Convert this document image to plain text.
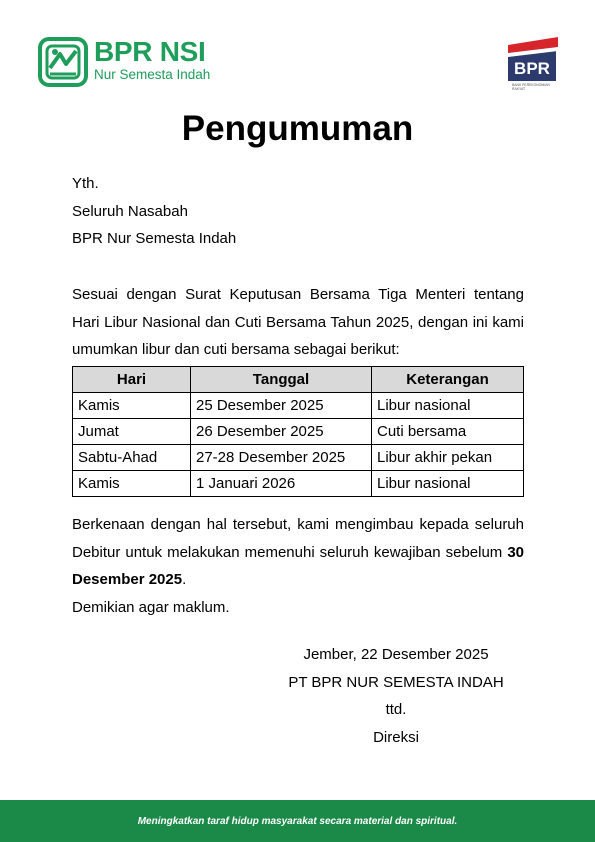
BPR NSI
Nur Semesta Indah	BPR
BANK PEREKONOMIAN RAKYAT
Pengumuman
Yth.
Seluruh Nasabah
BPR Nur Semesta Indah
Sesuai dengan Surat Keputusan Bersama Tiga Menteri tentang Hari Libur Nasional dan Cuti Bersama Tahun 2025, dengan ini kami umumkan libur dan cuti bersama sebagai berikut:
Hari	Tanggal	Keterangan
Kamis	25 Desember 2025	Libur nasional
Jumat	26 Desember 2025	Cuti bersama
Sabtu-Ahad	27-28 Desember 2025	Libur akhir pekan
Kamis	1 Januari 2026	Libur nasional
Berkenaan dengan hal tersebut, kami mengimbau kepada seluruh Debitur untuk melakukan memenuhi seluruh kewajiban sebelum 30 Desember 2025.
Demikian agar maklum.
Jember, 22 Desember 2025
PT BPR NUR SEMESTA INDAH
ttd.
Direksi
Meningkatkan taraf hidup masyarakat secara material dan spiritual.
